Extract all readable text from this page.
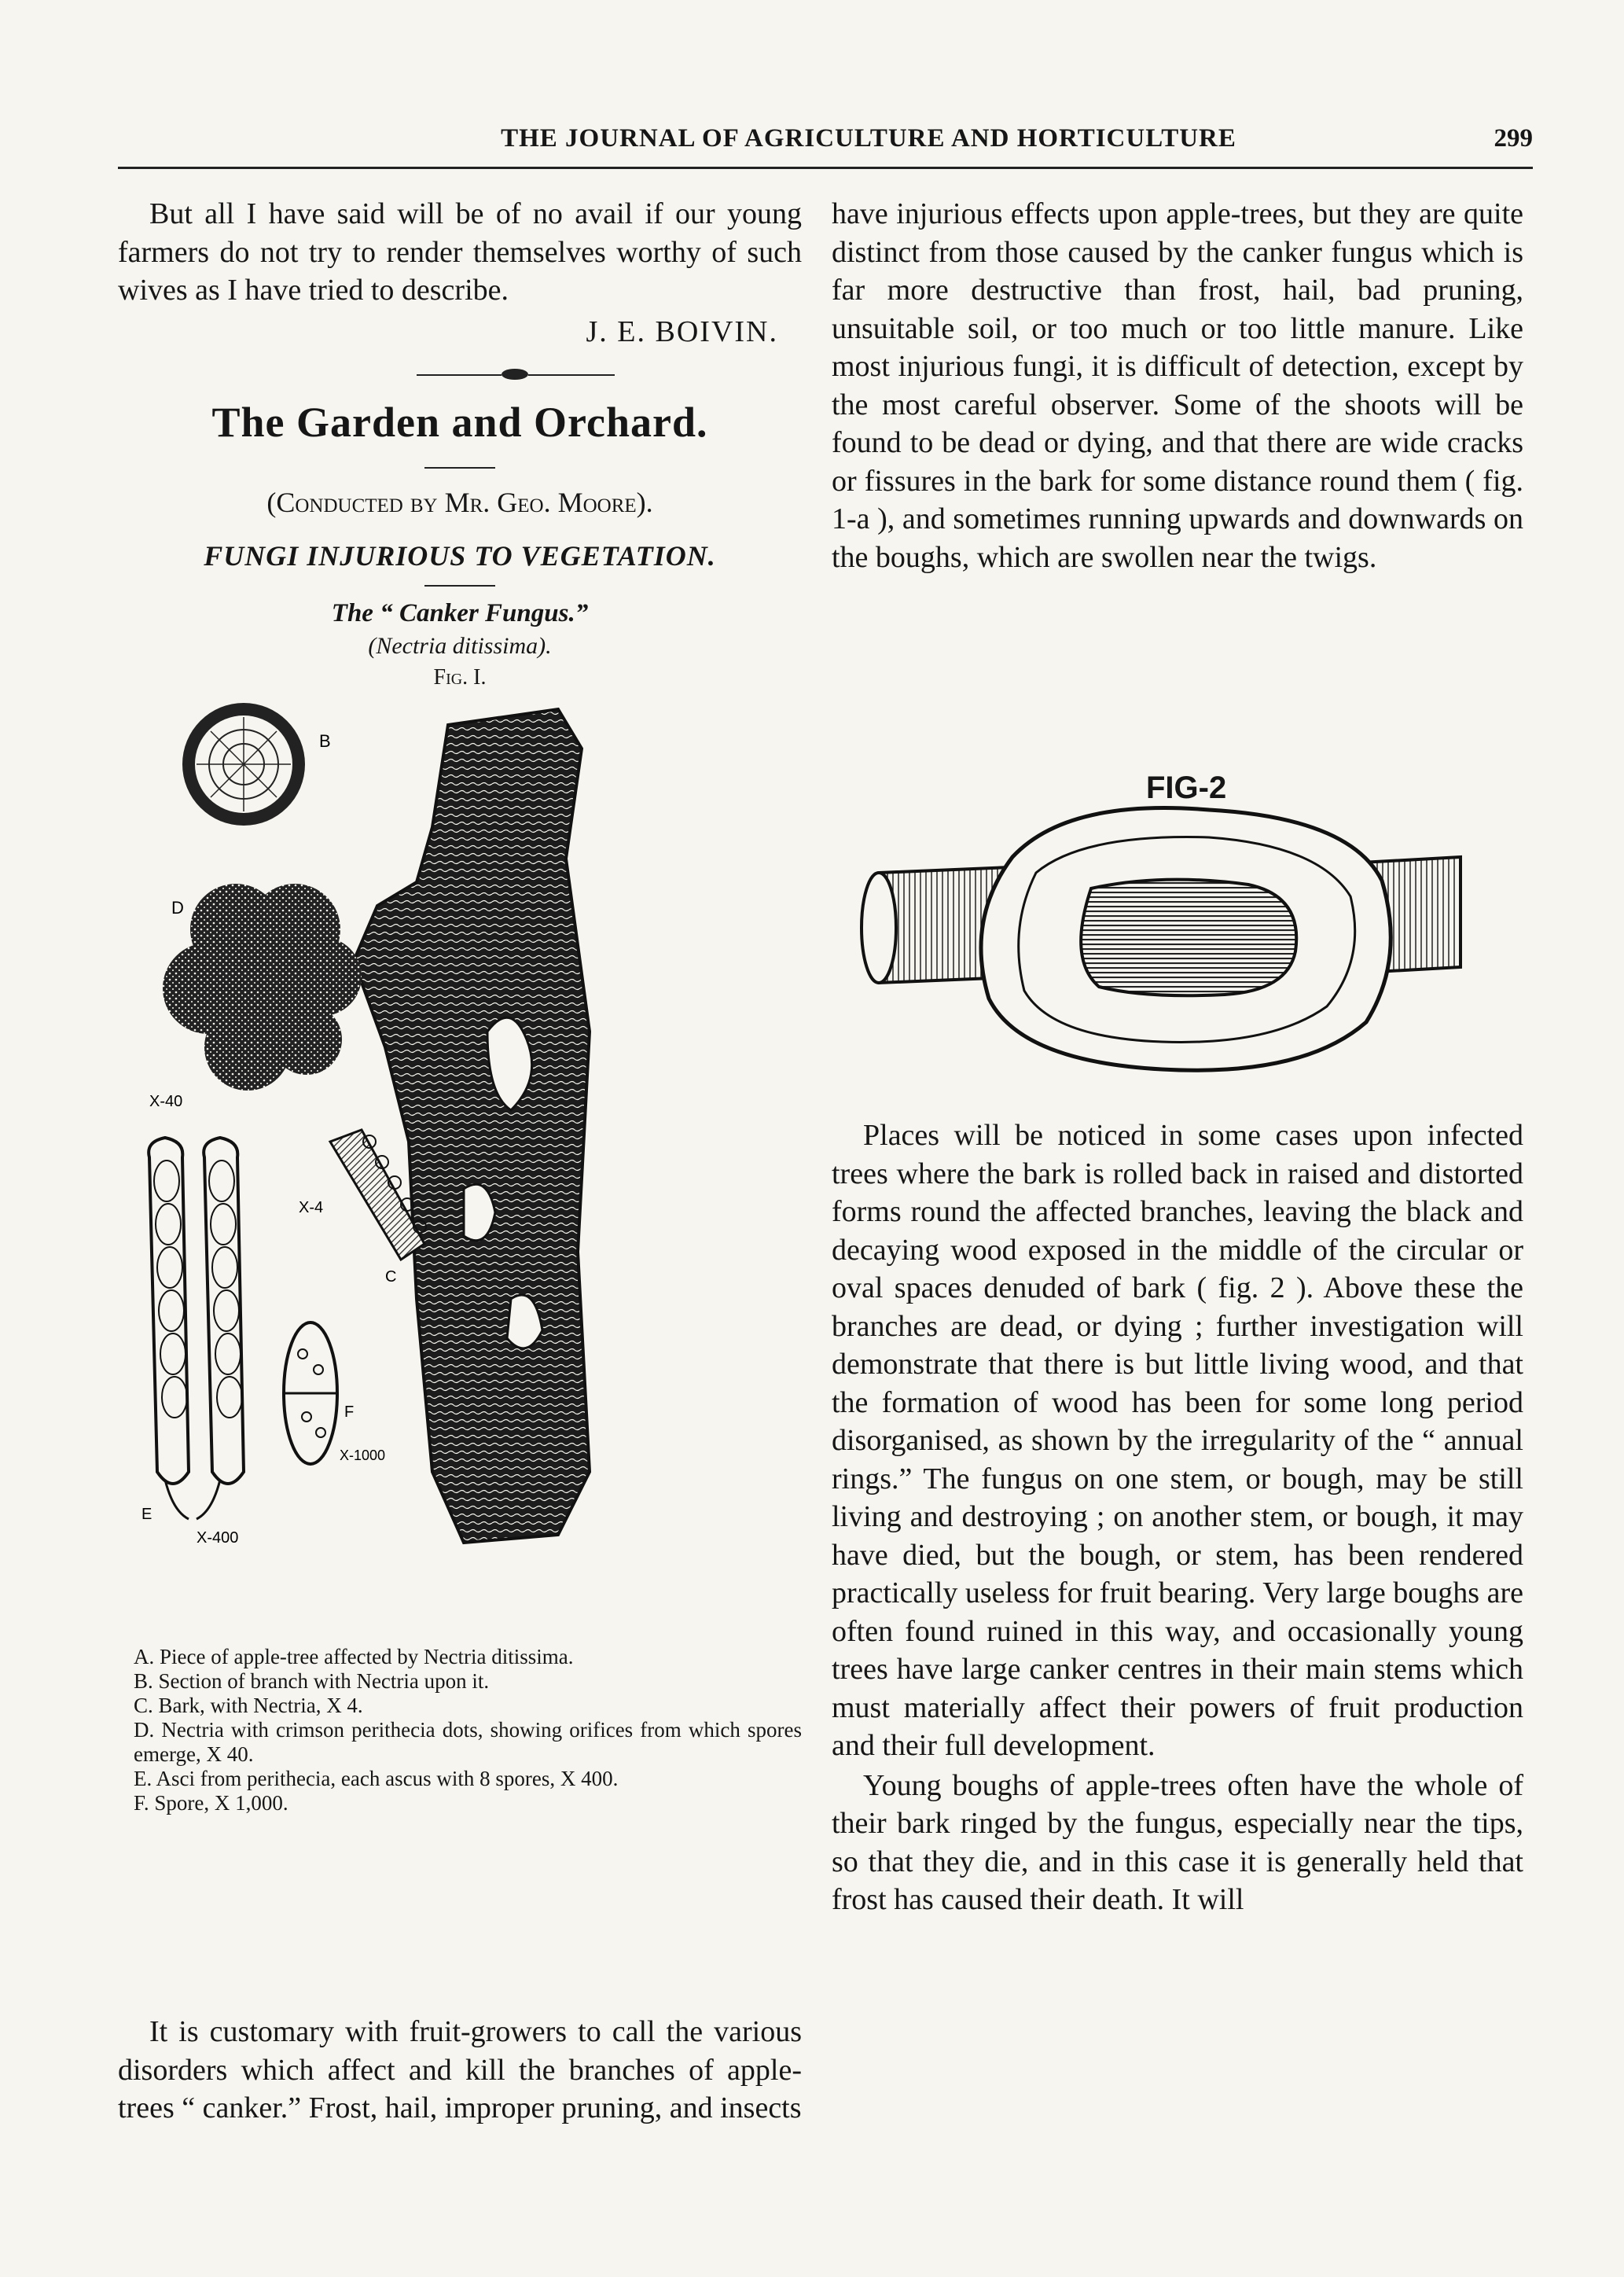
THE JOURNAL OF AGRICULTURE AND HORTICULTURE	299

But all I have said will be of no avail if our young farmers do not try to render themselves worthy of such wives as I have tried to describe.

J. E. BOIVIN.

The Garden and Orchard.
(Conducted by Mr. Geo. Moore).
FUNGI INJURIOUS TO VEGETATION.
The “ Canker Fungus.”
(Nectria ditissima).
Fig. I.
B
D
X-40
X-4
C
E
X-400
F
X-1000

A. Piece of apple-tree affected by Nectria ditissima.

B. Section of branch with Nectria upon it.

C. Bark, with Nectria, X 4.

D. Nectria with crimson perithecia dots, showing orifices from which spores emerge, X 40.

E. Asci from perithecia, each ascus with 8 spores, X 400.

F. Spore, X 1,000.

It is customary with fruit-growers to call the various disorders which affect and kill the branches of apple-trees “ canker.” Frost, hail, improper pruning, and insects

have injurious effects upon apple-trees, but they are quite distinct from those caused by the canker fungus which is far more destructive than frost, hail, bad pruning, unsuitable soil, or too much or too little manure. Like most injurious fungi, it is difficult of detection, except by the most careful observer. Some of the shoots will be found to be dead or dying, and that there are wide cracks or fissures in the bark for some distance round them ( fig. 1-a ), and sometimes running upwards and downwards on the boughs, which are swollen near the twigs.

FIG-2

Places will be noticed in some cases upon infected trees where the bark is rolled back in raised and distorted forms round the affected branches, leaving the black and decaying wood exposed in the middle of the circular or oval spaces denuded of bark ( fig. 2 ). Above these the branches are dead, or dying ; further investigation will demonstrate that there is but little living wood, and that the formation of wood has been for some long period disorganised, as shown by the irregularity of the “ annual rings.” The fungus on one stem, or bough, may be still living and destroying ; on another stem, or bough, it may have died, but the bough, or stem, has been rendered practically useless for fruit bearing. Very large boughs are often found ruined in this way, and occasionally young trees have large canker centres in their main stems which must materially affect their powers of fruit production and their full development.

Young boughs of apple-trees often have the whole of their bark ringed by the fungus, especially near the tips, so that they die, and in this case it is generally held that frost has caused their death. It will
